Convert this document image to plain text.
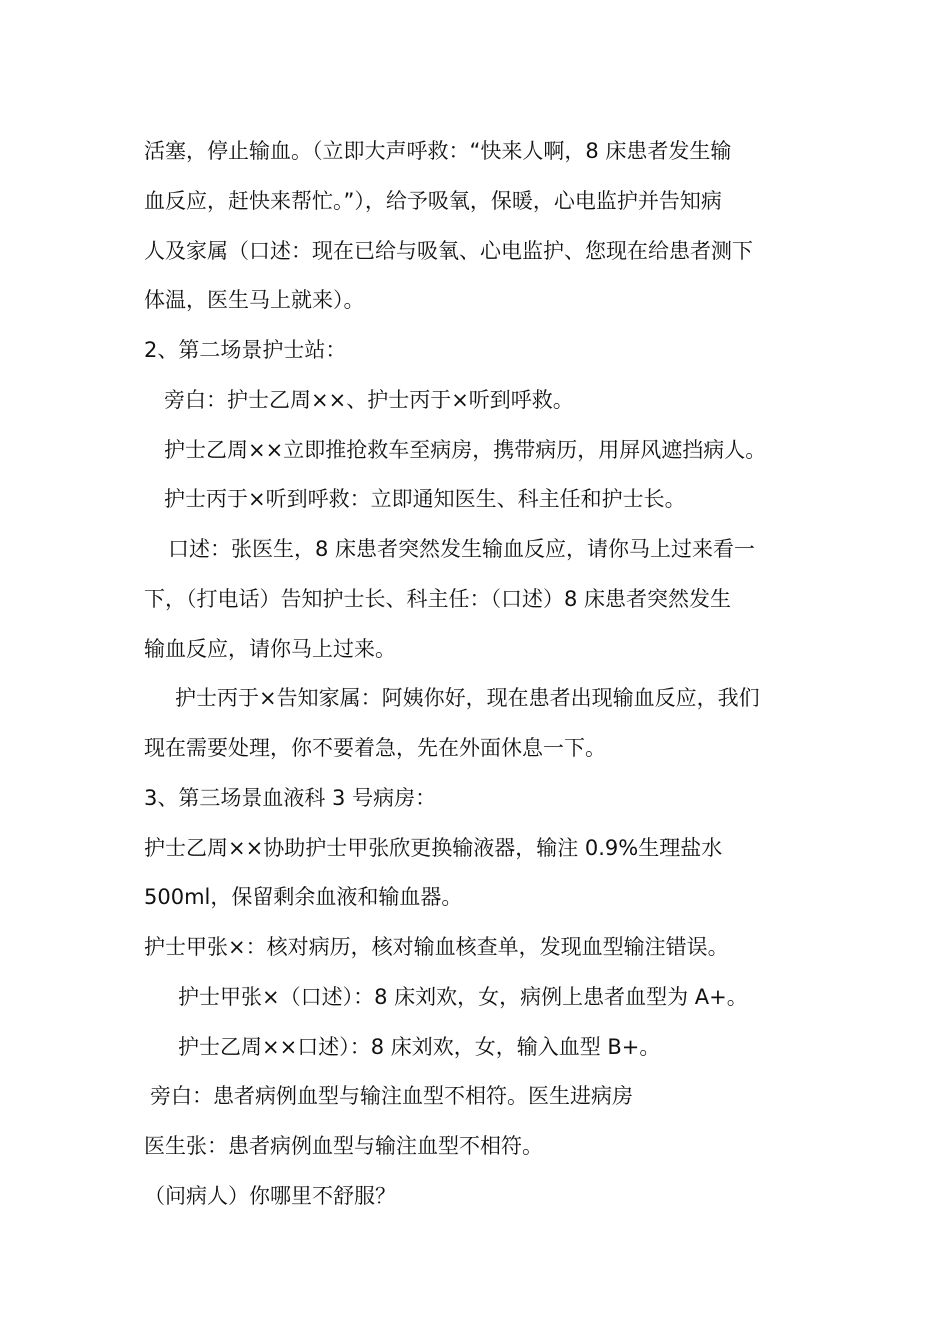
活塞，停止输血。（立即大声呼救：“快来人啊，8 床患者发生输
血反应，赶快来帮忙。”），给予吸氧，保暖，心电监护并告知病
人及家属（口述：现在已给与吸氧、心电监护、您现在给患者测下
体温，医生马上就来）。
2、第二场景护士站：
旁白：护士乙周××、护士丙于×听到呼救。
护士乙周××立即推抢救车至病房，携带病历，用屏风遮挡病人。
护士丙于×听到呼救：立即通知医生、科主任和护士长。
口述：张医生，8 床患者突然发生输血反应，请你马上过来看一
下，（打电话）告知护士长、科主任：（口述）8 床患者突然发生
输血反应，请你马上过来。
护士丙于×告知家属：阿姨你好，现在患者出现输血反应，我们
现在需要处理，你不要着急，先在外面休息一下。
3、第三场景血液科 3 号病房：
护士乙周××协助护士甲张欣更换输液器，输注 0.9%生理盐水
500ml，保留剩余血液和输血器。
护士甲张×：核对病历，核对输血核查单，发现血型输注错误。
护士甲张×（口述）：8 床刘欢，女，病例上患者血型为 A+。
护士乙周××口述）：8 床刘欢，女，输入血型 B+。
旁白：患者病例血型与输注血型不相符。医生进病房
医生张：患者病例血型与输注血型不相符。
（问病人）你哪里不舒服？
